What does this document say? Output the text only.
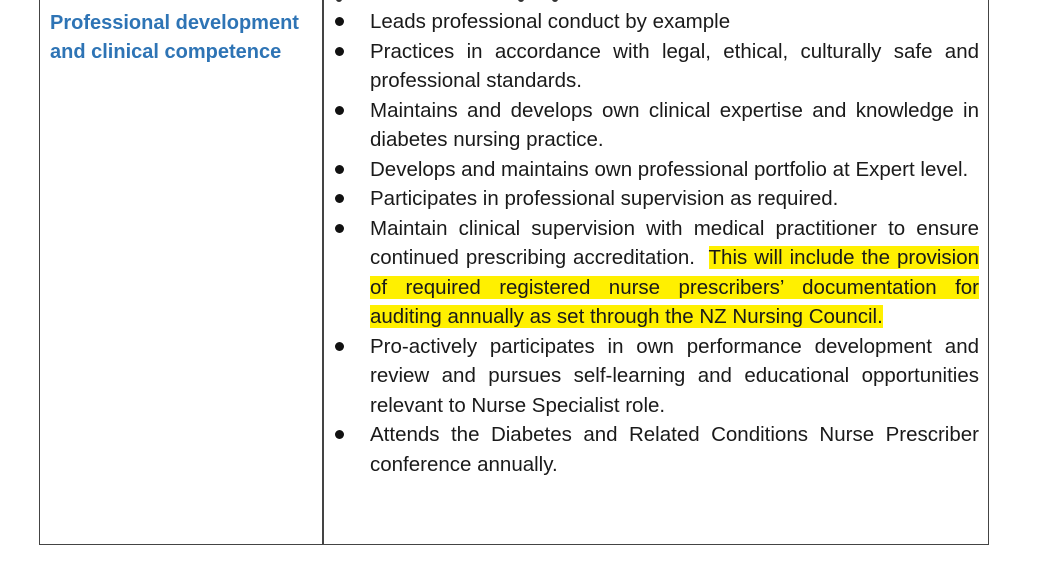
Professional development
and clinical competence

Leads professional conduct by example
Practices in accordance with legal, ethical, culturally safe and professional standards.
Maintains and develops own clinical expertise and knowledge in diabetes nursing practice.
Develops and maintains own professional portfolio at Expert level.
Participates in professional supervision as required.
Maintain clinical supervision with medical practitioner to ensure continued prescribing accreditation. This will include the provision of required registered nurse prescribers’ documentation for auditing annually as set through the NZ Nursing Council.
Pro-actively participates in own performance development and review and pursues self-learning and educational opportunities relevant to Nurse Specialist role.
Attends the Diabetes and Related Conditions Nurse Prescriber conference annually.
